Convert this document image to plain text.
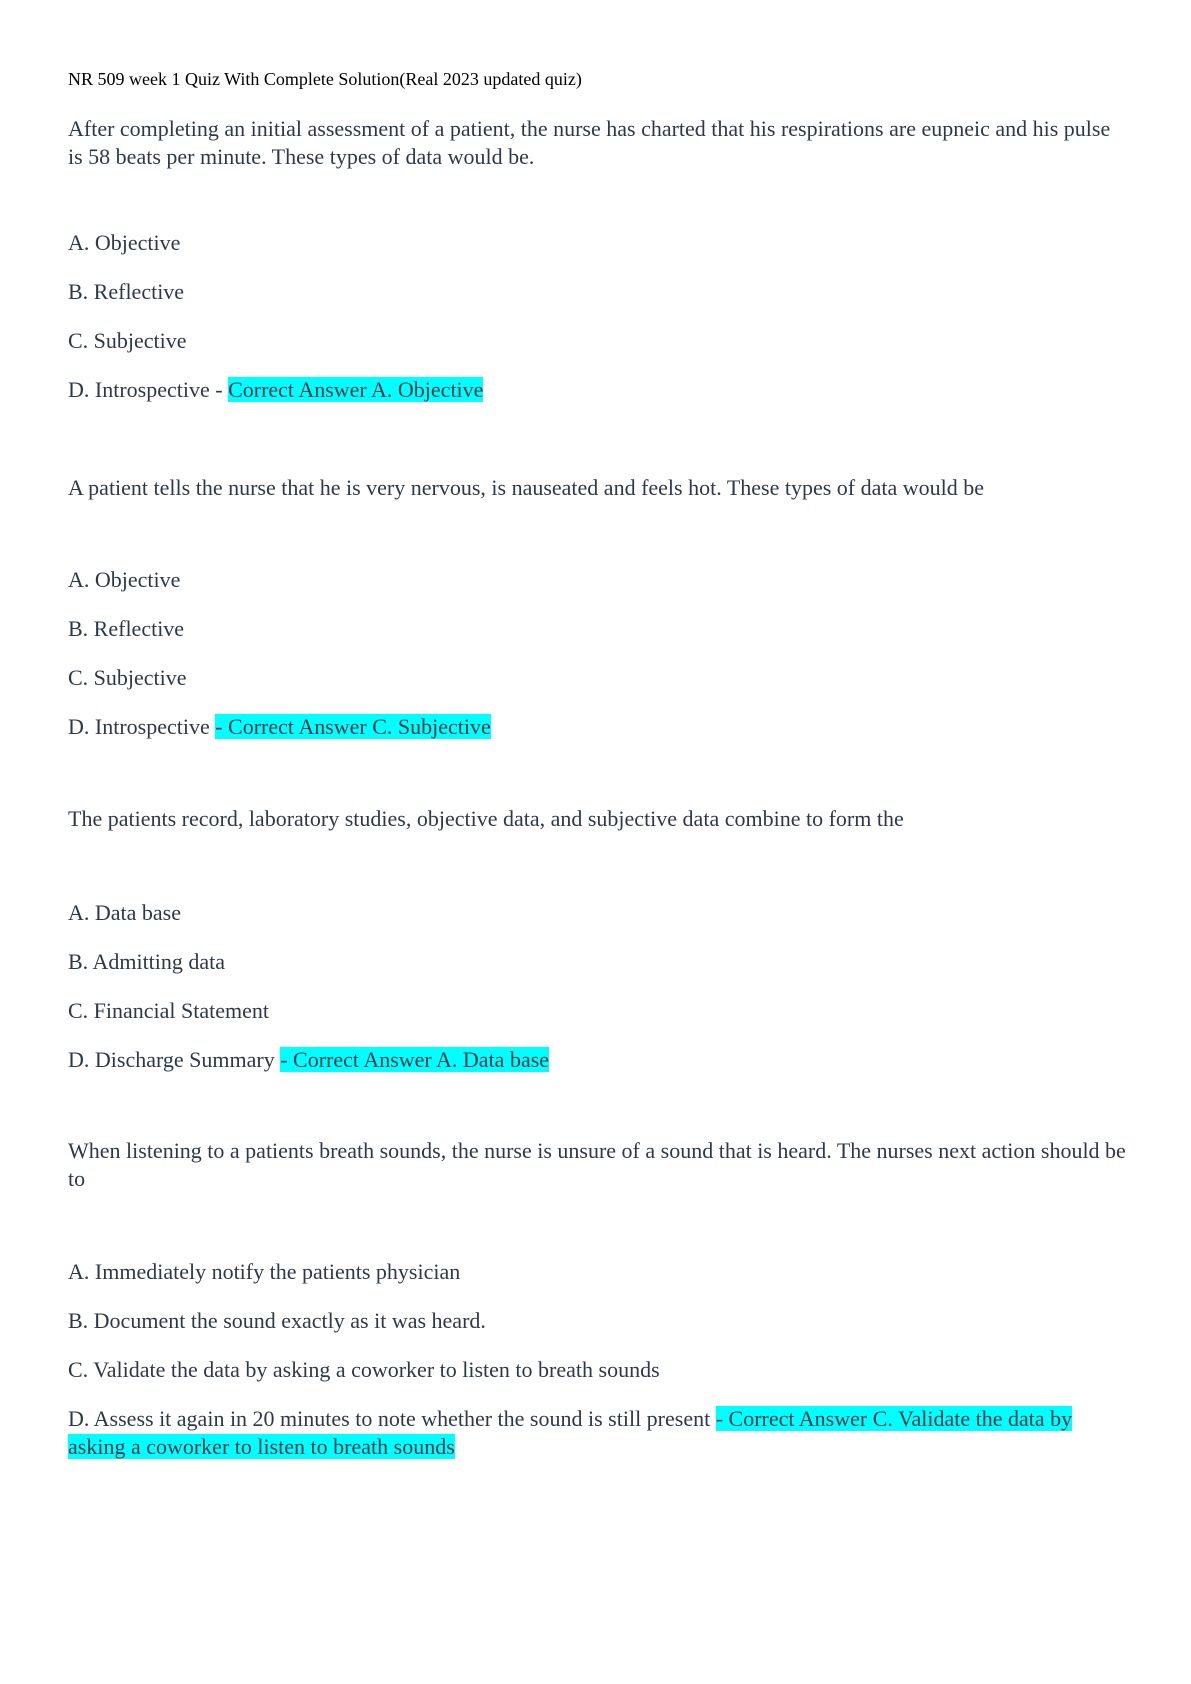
NR 509 week 1 Quiz With Complete Solution(Real 2023 updated quiz)

After completing an initial assessment of a patient, the nurse has charted that his respirations are eupneic and his pulse is 58 beats per minute. These types of data would be.

A. Objective
B. Reflective
C. Subjective
D. Introspective - Correct Answer A. Objective

A patient tells the nurse that he is very nervous, is nauseated and feels hot. These types of data would be

A. Objective
B. Reflective
C. Subjective
D. Introspective - Correct Answer C. Subjective

The patients record, laboratory studies, objective data, and subjective data combine to form the

A. Data base
B. Admitting data
C. Financial Statement
D. Discharge Summary - Correct Answer A. Data base

When listening to a patients breath sounds, the nurse is unsure of a sound that is heard. The nurses next action should be to

A. Immediately notify the patients physician
B. Document the sound exactly as it was heard.
C. Validate the data by asking a coworker to listen to breath sounds
D. Assess it again in 20 minutes to note whether the sound is still present - Correct Answer C. Validate the data by asking a coworker to listen to breath sounds
